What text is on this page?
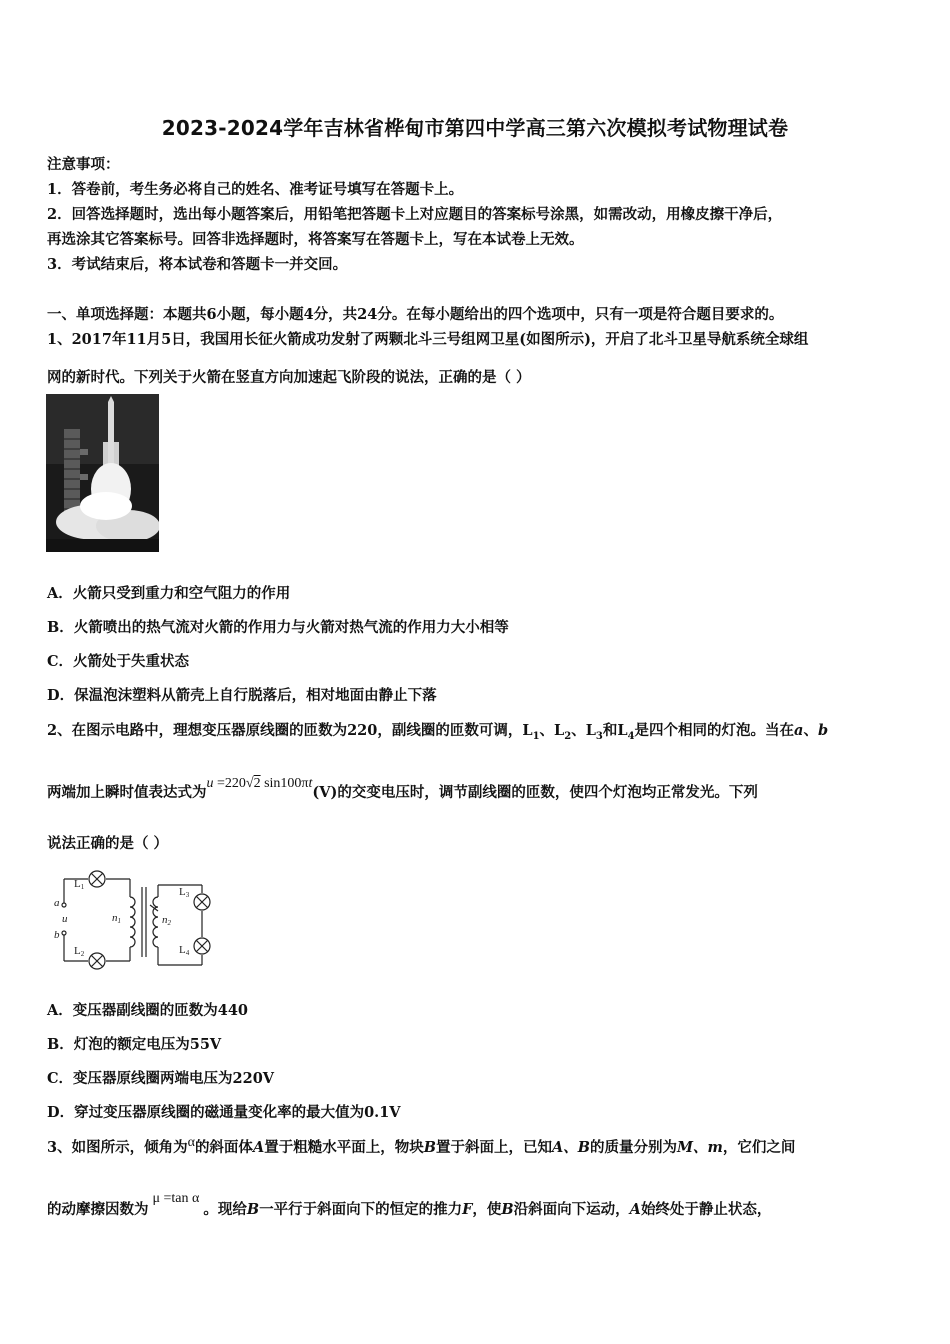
2023-2024学年吉林省桦甸市第四中学高三第六次模拟考试物理试卷
注意事项：
1．答卷前，考生务必将自己的姓名、准考证号填写在答题卡上。
2．回答选择题时，选出每小题答案后，用铅笔把答题卡上对应题目的答案标号涂黑，如需改动，用橡皮擦干净后，
再选涂其它答案标号。回答非选择题时，将答案写在答题卡上，写在本试卷上无效。
3．考试结束后，将本试卷和答题卡一并交回。
一、单项选择题：本题共6小题，每小题4分，共24分。在每小题给出的四个选项中，只有一项是符合题目要求的。
1、2017年11月5日，我国用长征火箭成功发射了两颗北斗三号组网卫星(如图所示)，开启了北斗卫星导航系统全球组
网的新时代。下列关于火箭在竖直方向加速起飞阶段的说法，正确的是（ ）
A．火箭只受到重力和空气阻力的作用
B．火箭喷出的热气流对火箭的作用力与火箭对热气流的作用力大小相等
C．火箭处于失重状态
D．保温泡沫塑料从箭壳上自行脱落后，相对地面由静止下落
2、在图示电路中，理想变压器原线圈的匝数为220，副线圈的匝数可调，$L_1$、$L_2$、$L_3$和$L_4$是四个相同的灯泡。当在a、b
两端加上瞬时值表达式为u =220√2 sin100πt(V)的交变电压时，调节副线圈的匝数，使四个灯泡均正常发光。下列
说法正确的是（ ）
L1
L2
L3
L4
a
b
u	n1	n2
A．变压器副线圈的匝数为440
B．灯泡的额定电压为55V
C．变压器原线圈两端电压为220V
D．穿过变压器原线圈的磁通量变化率的最大值为0.1V
3、如图所示，倾角为α的斜面体A置于粗糙水平面上，物块B置于斜面上，已知A、B的质量分别为M、m，它们之间
的动摩擦因数为μ =tan α。现给B一平行于斜面向下的恒定的推力F，使B沿斜面向下运动，A始终处于静止状态，
